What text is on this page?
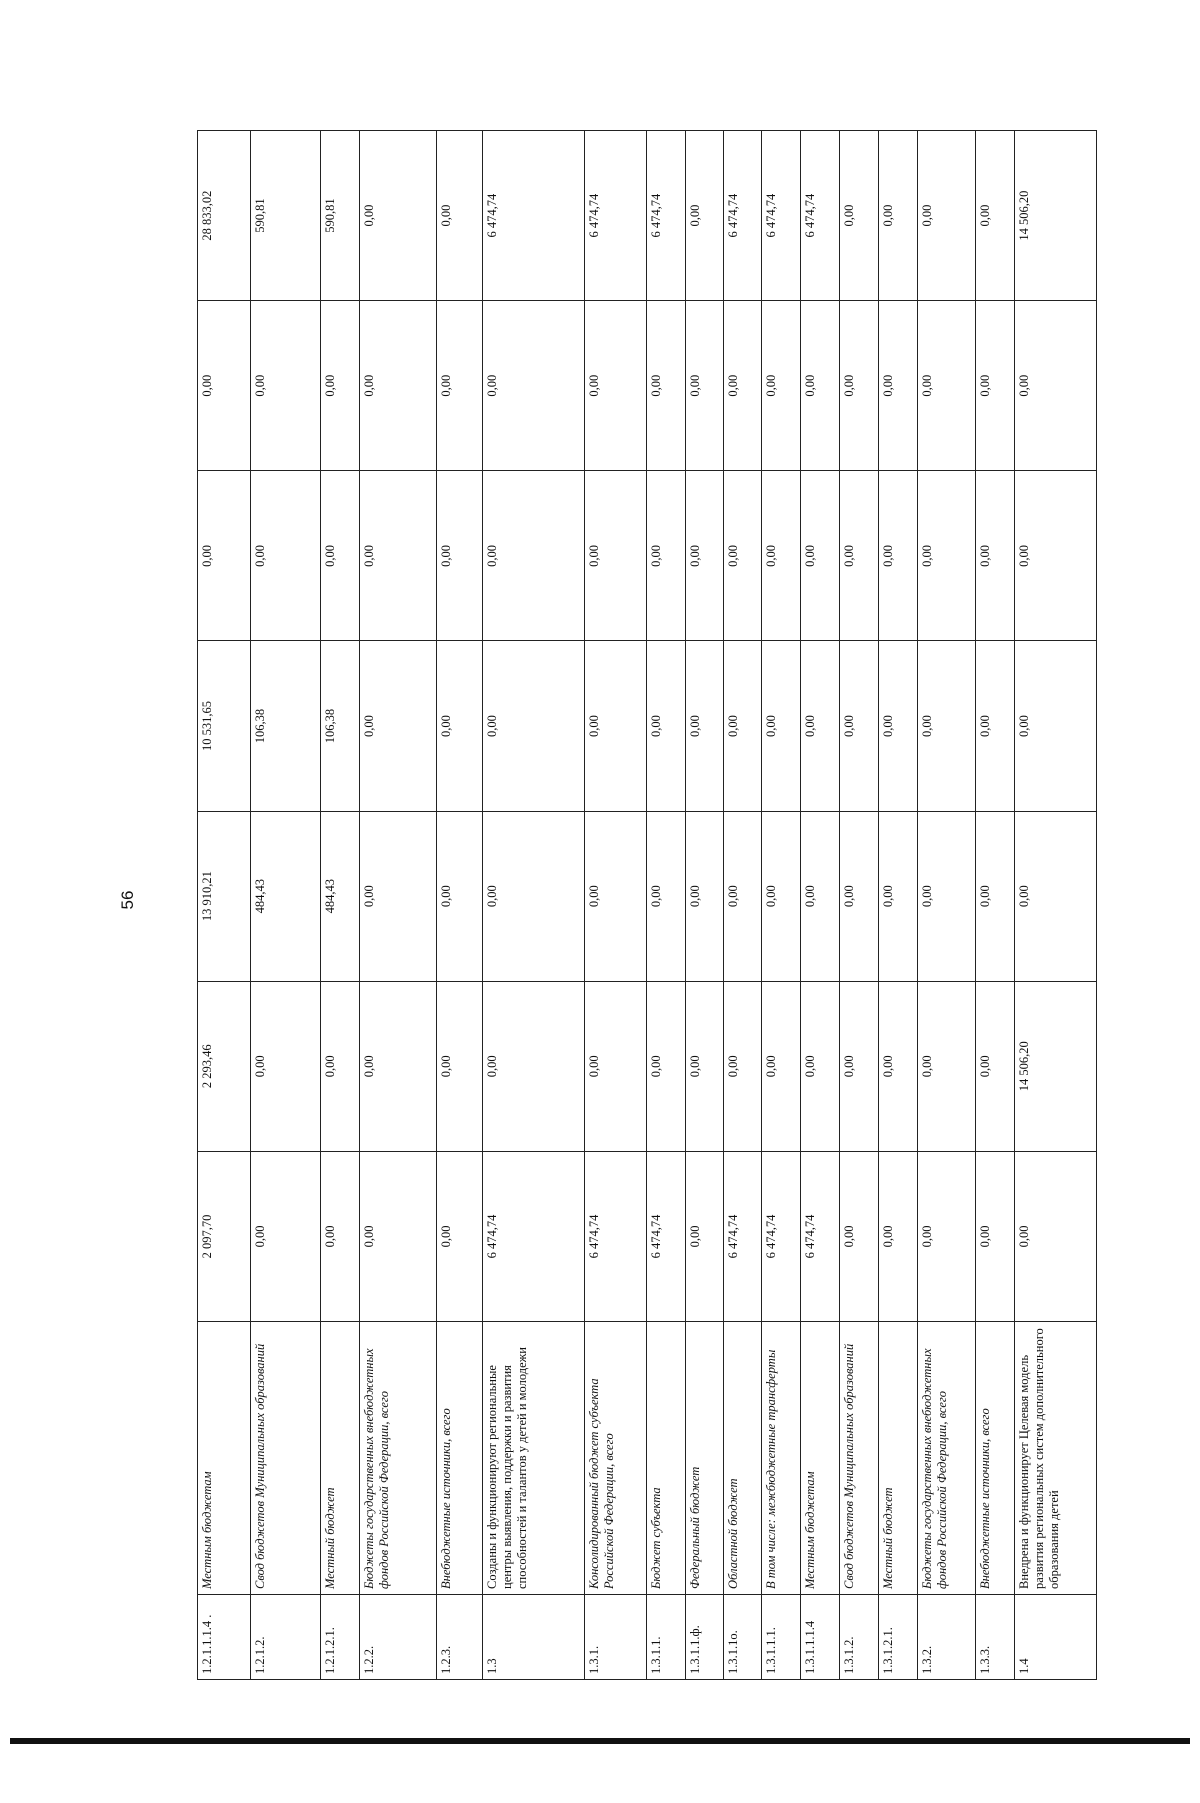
56
1.2.1.1.1.4 .	Местным бюджетам	2 097,70	2 293,46	13 910,21	10 531,65	0,00	0,00	28 833,02
1.2.1.2.	Свод бюджетов Муниципальных образований	0,00	0,00	484,43	106,38	0,00	0,00	590,81
1.2.1.2.1.	Местный бюджет	0,00	0,00	484,43	106,38	0,00	0,00	590,81
1.2.2.	Бюджеты государственных внебюджетных фондов Российской Федерации, всего	0,00	0,00	0,00	0,00	0,00	0,00	0,00
1.2.3.	Внебюджетные источники, всего	0,00	0,00	0,00	0,00	0,00	0,00	0,00
1.3	Созданы и функционируют региональные центры выявления, поддержки и развития способностей и талантов у детей и молодежи	6 474,74	0,00	0,00	0,00	0,00	0,00	6 474,74
1.3.1.	Консолидированный бюджет субъекта Российской Федерации, всего	6 474,74	0,00	0,00	0,00	0,00	0,00	6 474,74
1.3.1.1.	Бюджет субъекта	6 474,74	0,00	0,00	0,00	0,00	0,00	6 474,74
1.3.1.1.ф.	Федеральный бюджет	0,00	0,00	0,00	0,00	0,00	0,00	0,00
1.3.1.1о.	Областной бюджет	6 474,74	0,00	0,00	0,00	0,00	0,00	6 474,74
1.3.1.1.1.	В том числе: межбюджетные трансферты	6 474,74	0,00	0,00	0,00	0,00	0,00	6 474,74
1.3.1.1.1.4	Местным бюджетам	6 474,74	0,00	0,00	0,00	0,00	0,00	6 474,74
1.3.1.2.	Свод бюджетов Муниципальных образований	0,00	0,00	0,00	0,00	0,00	0,00	0,00
1.3.1.2.1.	Местный бюджет	0,00	0,00	0,00	0,00	0,00	0,00	0,00
1.3.2.	Бюджеты государственных внебюджетных фондов Российской Федерации, всего	0,00	0,00	0,00	0,00	0,00	0,00	0,00
1.3.3.	Внебюджетные источники, всего	0,00	0,00	0,00	0,00	0,00	0,00	0,00
1.4	Внедрена и функционирует Целевая модель развития региональных систем дополнительного образования детей	0,00	14 506,20	0,00	0,00	0,00	0,00	14 506,20
